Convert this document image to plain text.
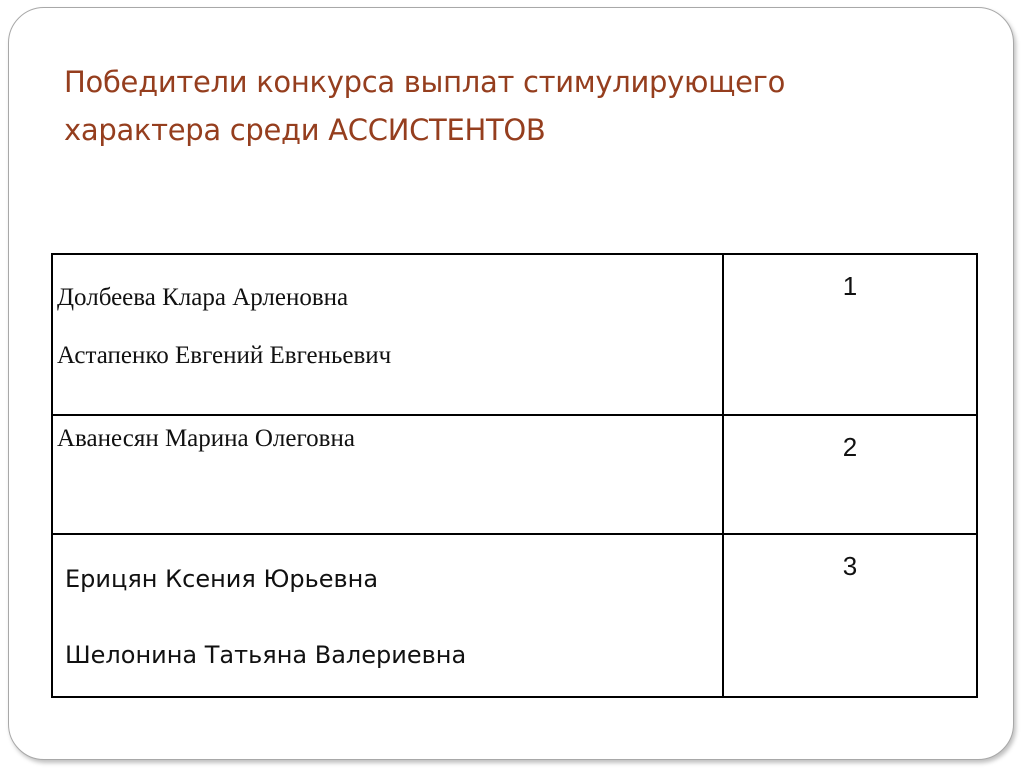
Победители конкурса выплат стимулирующего
характера среди АССИСТЕНТОВ
Долбеева Клара Арленовна
Астапенко Евгений Евгеньевич	1

Аванесян Марина Олеговна	2

Ерицян Ксения Юрьевна
Шелонина Татьяна Валериевна	3
